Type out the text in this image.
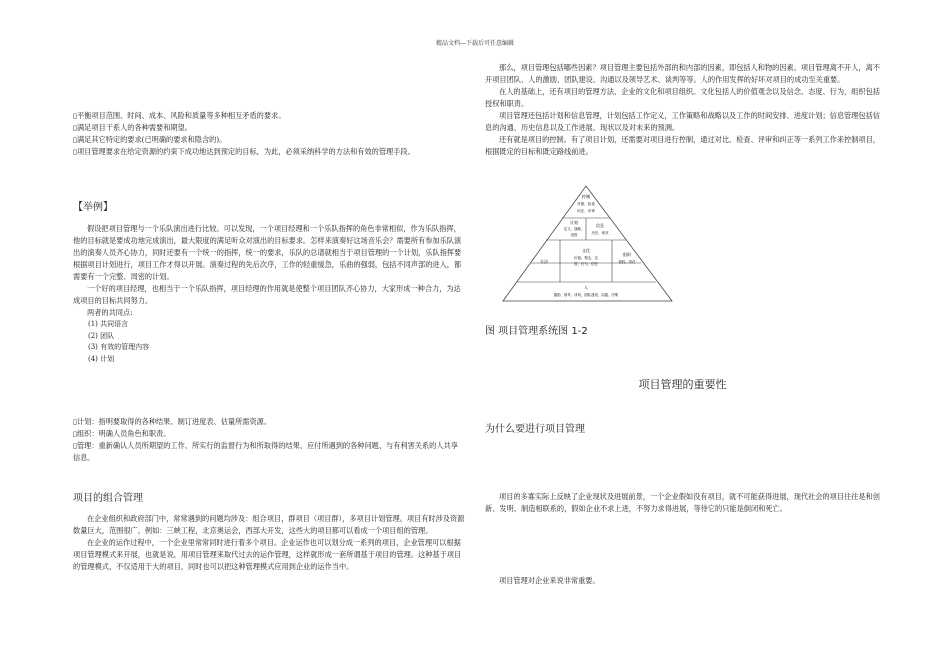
精品文档---下载后可任意编辑

▯平衡项目范围、时间、成本、风险和质量等多种相互矛盾的要求。

▯满足项目干系人的各种需要和期望。

▯满足其它特定的要求(已明确的要求和隐含的)。

▯项目管理要求在给定资源的约束下成功地达到预定的目标，为此，必须采纳科学的方法和有效的管理手段。

【举例】

假设把项目管理与一个乐队演出进行比较。可以发现，一个项目经理和一个乐队指挥的角色非常相似，作为乐队指挥，他的目标就是要成功地完成演出，最大限度的满足听众对演出的目标要求。怎样来演奏好这场音乐会？需要所有参加乐队演出的演奏人员齐心协力，同时还要有一个统一的指挥，统一的要求，乐队的总谱就相当于项目管理的一个计划，乐队指挥要根据项目计划进行，项目工作才得以开展。演奏过程的先后次序，工作的轻重缓急，乐曲的强弱，包括不同声部的进入，都需要有一个完整、周密的计划。

一个好的项目经理，也相当于一个乐队指挥，项目经理的作用就是使整个项目团队齐心协力，大家形成一种合力，为达成项目的目标共同努力。

两者的共同点:

(1) 共同语言
(2) 团队
(3) 有效的管理内容
(4) 计划

▯计划：指明要取得的各种结果、制订进度表、估量所需资源。

▯组织：明确人员角色和职责。

▯管理：重新确认人员所期望的工作、所实行的监督行为和所取得的结果、应付所遇到的各种问题、与有利害关系的人共享信息。

项目的组合管理

在企业组织和政府部门中，常常遇到的问题均涉及：组合项目，群项目（项目群），多项目计划管理。项目有时涉及资源数量巨大，范围很广，例如：三峡工程，北京奥运会，西部大开发，这些大的项目都可以看成一个项目组的管理。

在企业的运作过程中，一个企业里常常同时进行着多个项目。企业运作也可以划分成一系列的项目，企业管理可以根据项目管理模式来开展，也就是说，用项目管理来取代过去的运作管理，这样就形成一套所谓基于项目的管理。这种基于项目的管理模式，不仅适用于大的项目，同时也可以把这种管理模式应用到企业的运作当中。

那么，项目管理包括哪些因素？项目管理主要包括外部的和内部的因素，即包括人和物的因素。项目管理离不开人，离不开项目团队、人的激励、团队建设、沟通以及领导艺术、谈判等等。人的作用发挥的好坏对项目的成功至关重要。

在人的基础上，还有项目的管理方法、企业的文化和项目组织。文化包括人的价值观念以及信念、态度、行为，组织包括授权和职责。

项目管理还包括计划和信息管理，计划包括工作定义，工作策略和战略以及工作的时间安排、进度计划；信息管理包括信息的沟通、历史信息以及工作进展、现状以及对未来的预测。

还有就是项目的控制。有了项目计划，还需要对项目进行控制，通过对比、检查、评审和纠正等一系列工作来控制项目，根据既定的目标和既定路线前进。

控制
对照、检查
纠正、评审
计划
定义、战略、
进度
信息
历史、现状
方法
文化
价值、观念、态
度、行为、信任
组织
授权、责任
人
激励、领导、谈判、团队建设、沟通、决策
图 项目管理系统图 1-2
项目管理的重要性
为什么要进行项目管理

项目的多寡实际上反映了企业现状及进展前景，一个企业假如没有项目，就不可能获得进展，现代社会的项目往往是和创新、发明、制造相联系的，假如企业不求上进，不努力求得进展，等待它的只能是倒闭和死亡。

项目管理对企业来说非常重要。
